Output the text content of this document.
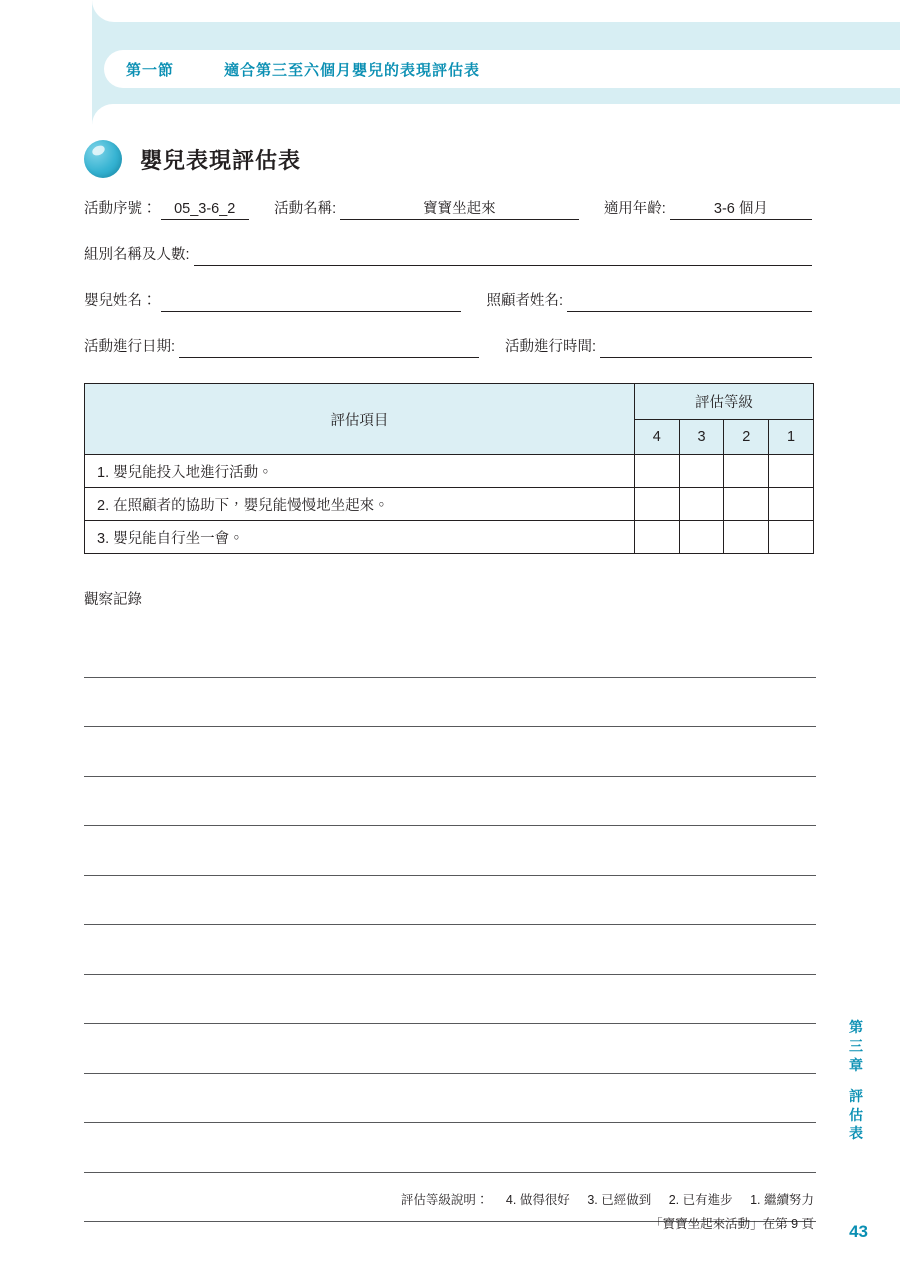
第一節	適合第三至六個月嬰兒的表現評估表
嬰兒表現評估表
活動序號：	05_3-6_2	活動名稱:	寶寶坐起來	適用年齡:	3-6 個月
組別名稱及人數:
嬰兒姓名：	照顧者姓名:
活動進行日期:	活動進行時間:
評估項目	評估等級			
	4	3	2	1
1. 嬰兒能投入地進行活動。				
2. 在照顧者的協助下，嬰兒能慢慢地坐起來。				
3. 嬰兒能自行坐一會。				
觀察記錄
評估等級說明： 4. 做得很好 3. 已經做到 2. 已有進步 1. 繼續努力
「寶寶坐起來活動」在第 9 頁
第三章
評估表
43
